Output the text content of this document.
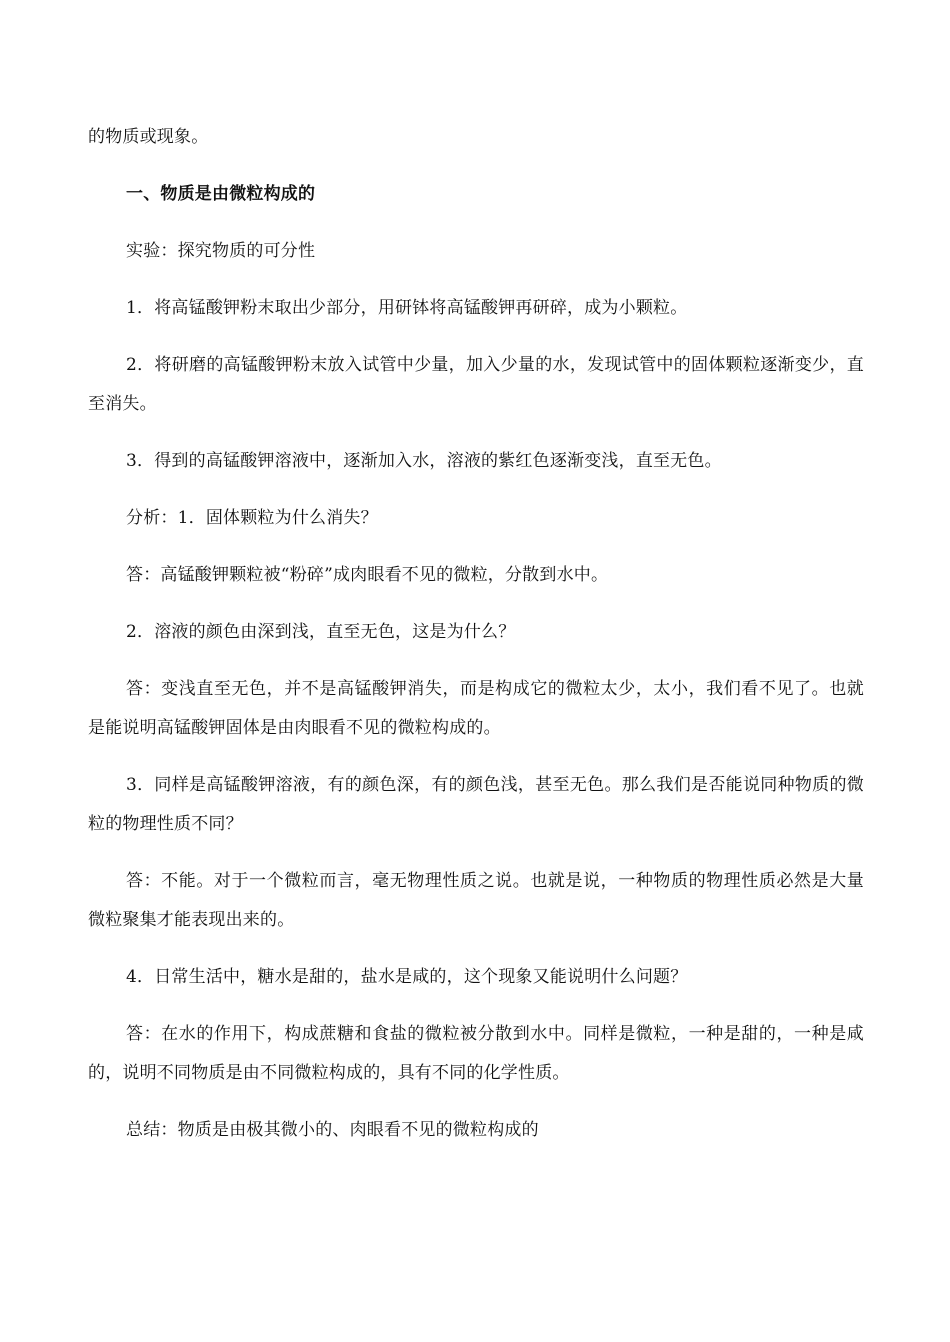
的物质或现象。

一、物质是由微粒构成的

实验：探究物质的可分性

1．将高锰酸钾粉末取出少部分，用研钵将高锰酸钾再研碎，成为小颗粒。

2．将研磨的高锰酸钾粉末放入试管中少量，加入少量的水，发现试管中的固体颗粒逐渐变少，直至消失。

3．得到的高锰酸钾溶液中，逐渐加入水，溶液的紫红色逐渐变浅，直至无色。

分析：1．固体颗粒为什么消失？

答：高锰酸钾颗粒被“粉碎”成肉眼看不见的微粒，分散到水中。

2．溶液的颜色由深到浅，直至无色，这是为什么？

答：变浅直至无色，并不是高锰酸钾消失，而是构成它的微粒太少，太小，我们看不见了。也就是能说明高锰酸钾固体是由肉眼看不见的微粒构成的。

3．同样是高锰酸钾溶液，有的颜色深，有的颜色浅，甚至无色。那么我们是否能说同种物质的微粒的物理性质不同？

答：不能。对于一个微粒而言，毫无物理性质之说。也就是说，一种物质的物理性质必然是大量微粒聚集才能表现出来的。

4．日常生活中，糖水是甜的，盐水是咸的，这个现象又能说明什么问题？

答：在水的作用下，构成蔗糖和食盐的微粒被分散到水中。同样是微粒，一种是甜的，一种是咸的，说明不同物质是由不同微粒构成的，具有不同的化学性质。

总结：物质是由极其微小的、肉眼看不见的微粒构成的
